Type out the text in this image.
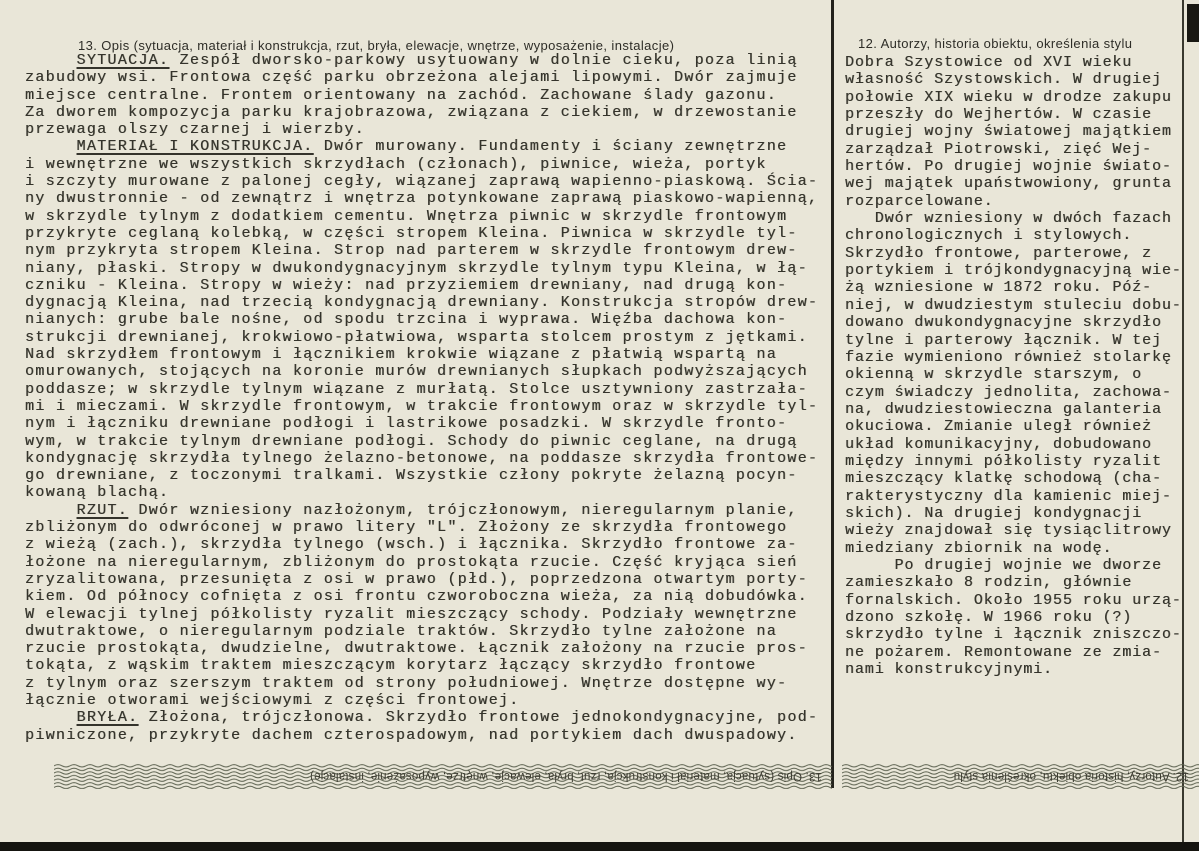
13. Opis (sytuacja, materiał i konstrukcja, rzut, bryła, elewacje, wnętrze, wyposażenie, instalacje)	12. Autorzy, historia obiektu, określenia stylu
SYTUACJA. Zespół dworsko-parkowy usytuowany w dolnie cieku, poza linią
zabudowy wsi. Frontowa część parku obrzeżona alejami lipowymi. Dwór zajmuje
miejsce centralne. Frontem orientowany na zachód. Zachowane ślady gazonu.
Za dworem kompozycja parku krajobrazowa, związana z ciekiem, w drzewostanie
przewaga olszy czarnej i wierzby.
MATERIAŁ I KONSTRUKCJA. Dwór murowany. Fundamenty i ściany zewnętrzne
i wewnętrzne we wszystkich skrzydłach (członach), piwnice, wieża, portyk
i szczyty murowane z palonej cegły, wiązanej zaprawą wapienno-piaskową. Ścia-
ny dwustronnie - od zewnątrz i wnętrza potynkowane zaprawą piaskowo-wapienną,
w skrzydle tylnym z dodatkiem cementu. Wnętrza piwnic w skrzydle frontowym
przykryte ceglaną kolebką, w części stropem Kleina. Piwnica w skrzydle tyl-
nym przykryta stropem Kleina. Strop nad parterem w skrzydle frontowym drew-
niany, płaski. Stropy w dwukondygnacyjnym skrzydle tylnym typu Kleina, w łą-
czniku - Kleina. Stropy w wieży: nad przyziemiem drewniany, nad drugą kon-
dygnacją Kleina, nad trzecią kondygnacją drewniany. Konstrukcja stropów drew-
nianych: grube bale nośne, od spodu trzcina i wyprawa. Więźba dachowa kon-
strukcji drewnianej, krokwiowo-płatwiowa, wsparta stolcem prostym z jętkami.
Nad skrzydłem frontowym i łącznikiem krokwie wiązane z płatwią wspartą na
omurowanych, stojących na koronie murów drewnianych słupkach podwyższających
poddasze; w skrzydle tylnym wiązane z murłatą. Stolce usztywniony zastrzała-
mi i mieczami. W skrzydle frontowym, w trakcie frontowym oraz w skrzydle tyl-
nym i łączniku drewniane podłogi i lastrikowe posadzki. W skrzydle fronto-
wym, w trakcie tylnym drewniane podłogi. Schody do piwnic ceglane, na drugą
kondygnację skrzydła tylnego żelazno-betonowe, na poddasze skrzydła frontowe-
go drewniane, z toczonymi tralkami. Wszystkie człony pokryte żelazną pocyn-
kowaną blachą.
RZUT. Dwór wzniesiony nazłożonym, trójczłonowym, nieregularnym planie,
zbliżonym do odwróconej w prawo litery "L". Złożony ze skrzydła frontowego
z wieżą (zach.), skrzydła tylnego (wsch.) i łącznika. Skrzydło frontowe za-
łożone na nieregularnym, zbliżonym do prostokąta rzucie. Część kryjąca sień
zryzalitowana, przesunięta z osi w prawo (płd.), poprzedzona otwartym porty-
kiem. Od północy cofnięta z osi frontu czworoboczna wieża, za nią dobudówka.
W elewacji tylnej półkolisty ryzalit mieszczący schody. Podziały wewnętrzne
dwutraktowe, o nieregularnym podziale traktów. Skrzydło tylne założone na
rzucie prostokąta, dwudzielne, dwutraktowe. Łącznik założony na rzucie pros-
tokąta, z wąskim traktem mieszczącym korytarz łączący skrzydło frontowe
z tylnym oraz szerszym traktem od strony południowej. Wnętrze dostępne wy-
łącznie otworami wejściowymi z części frontowej.
BRYŁA. Złożona, trójczłonowa. Skrzydło frontowe jednokondygnacyjne, pod-
piwniczone, przykryte dachem czterospadowym, nad portykiem dach dwuspadowy.
Dobra Szystowice od XVI wieku
własność Szystowskich. W drugiej
połowie XIX wieku w drodze zakupu
przeszły do Wejhertów. W czasie
drugiej wojny światowej majątkiem
zarządzał Piotrowski, zięć Wej-
hertów. Po drugiej wojnie świato-
wej majątek upaństwowiony, grunta
rozparcelowane.
Dwór wzniesiony w dwóch fazach
chronologicznych i stylowych.
Skrzydło frontowe, parterowe, z
portykiem i trójkondygnacyjną wie-
żą wzniesione w 1872 roku. Póź-
niej, w dwudziestym stuleciu dobu-
dowano dwukondygnacyjne skrzydło
tylne i parterowy łącznik. W tej
fazie wymieniono również stolarkę
okienną w skrzydle starszym, o
czym świadczy jednolita, zachowa-
na, dwudziestowieczna galanteria
okuciowa. Zmianie uległ również
układ komunikacyjny, dobudowano
między innymi półkolisty ryzalit
mieszczący klatkę schodową (cha-
rakterystyczny dla kamienic miej-
skich). Na drugiej kondygnacji
wieży znajdował się tysiąclitrowy
miedziany zbiornik na wodę.
Po drugiej wojnie we dworze
zamieszkało 8 rodzin, głównie
fornalskich. Około 1955 roku urzą-
dzono szkołę. W 1966 roku (?)
skrzydło tylne i łącznik zniszczo-
ne pożarem. Remontowane ze zmia-
nami konstrukcyjnymi.
13. Opis (sytuacja, materiał i konstrukcja, rzut, bryła, elewacje, wnętrze, wyposażenie, instalacje)	12. Autorzy, historia obiektu, określenia stylu
